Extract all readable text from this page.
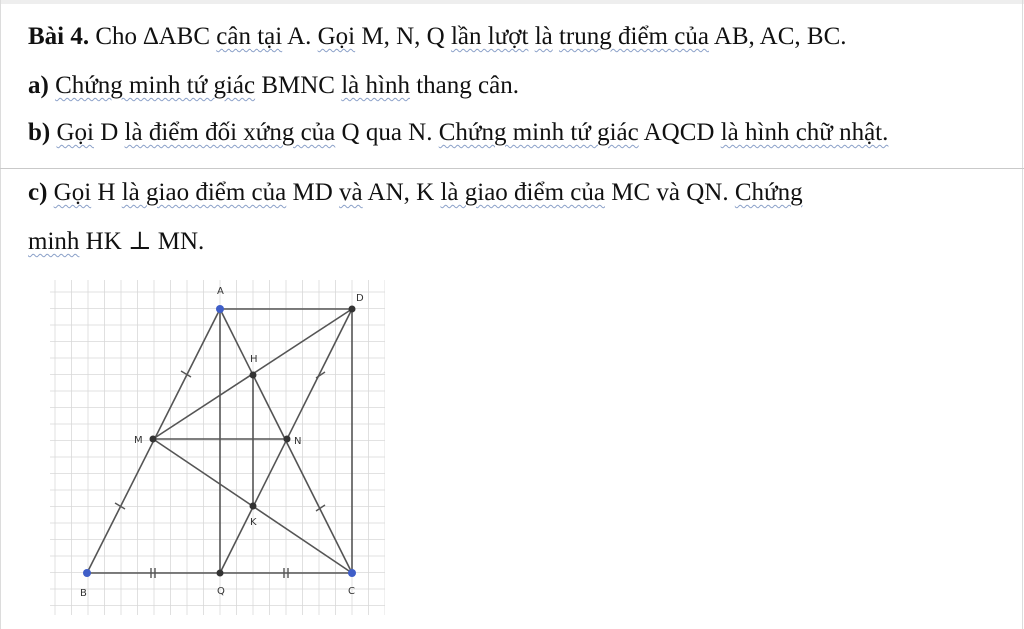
Bài 4. Cho ∆ABC cân tại A. Gọi M, N, Q lần lượt là trung điểm của AB, AC, BC.
a) Chứng minh tứ giác BMNC là hình thang cân.
b) Gọi D là điểm đối xứng của Q qua N. Chứng minh tứ giác AQCD là hình chữ nhật.
c) Gọi H là giao điểm của MD và AN, K là giao điểm của MC và QN. Chứng
minh HK ⊥ MN.
A
D
H
M	N
K
B	Q	C
